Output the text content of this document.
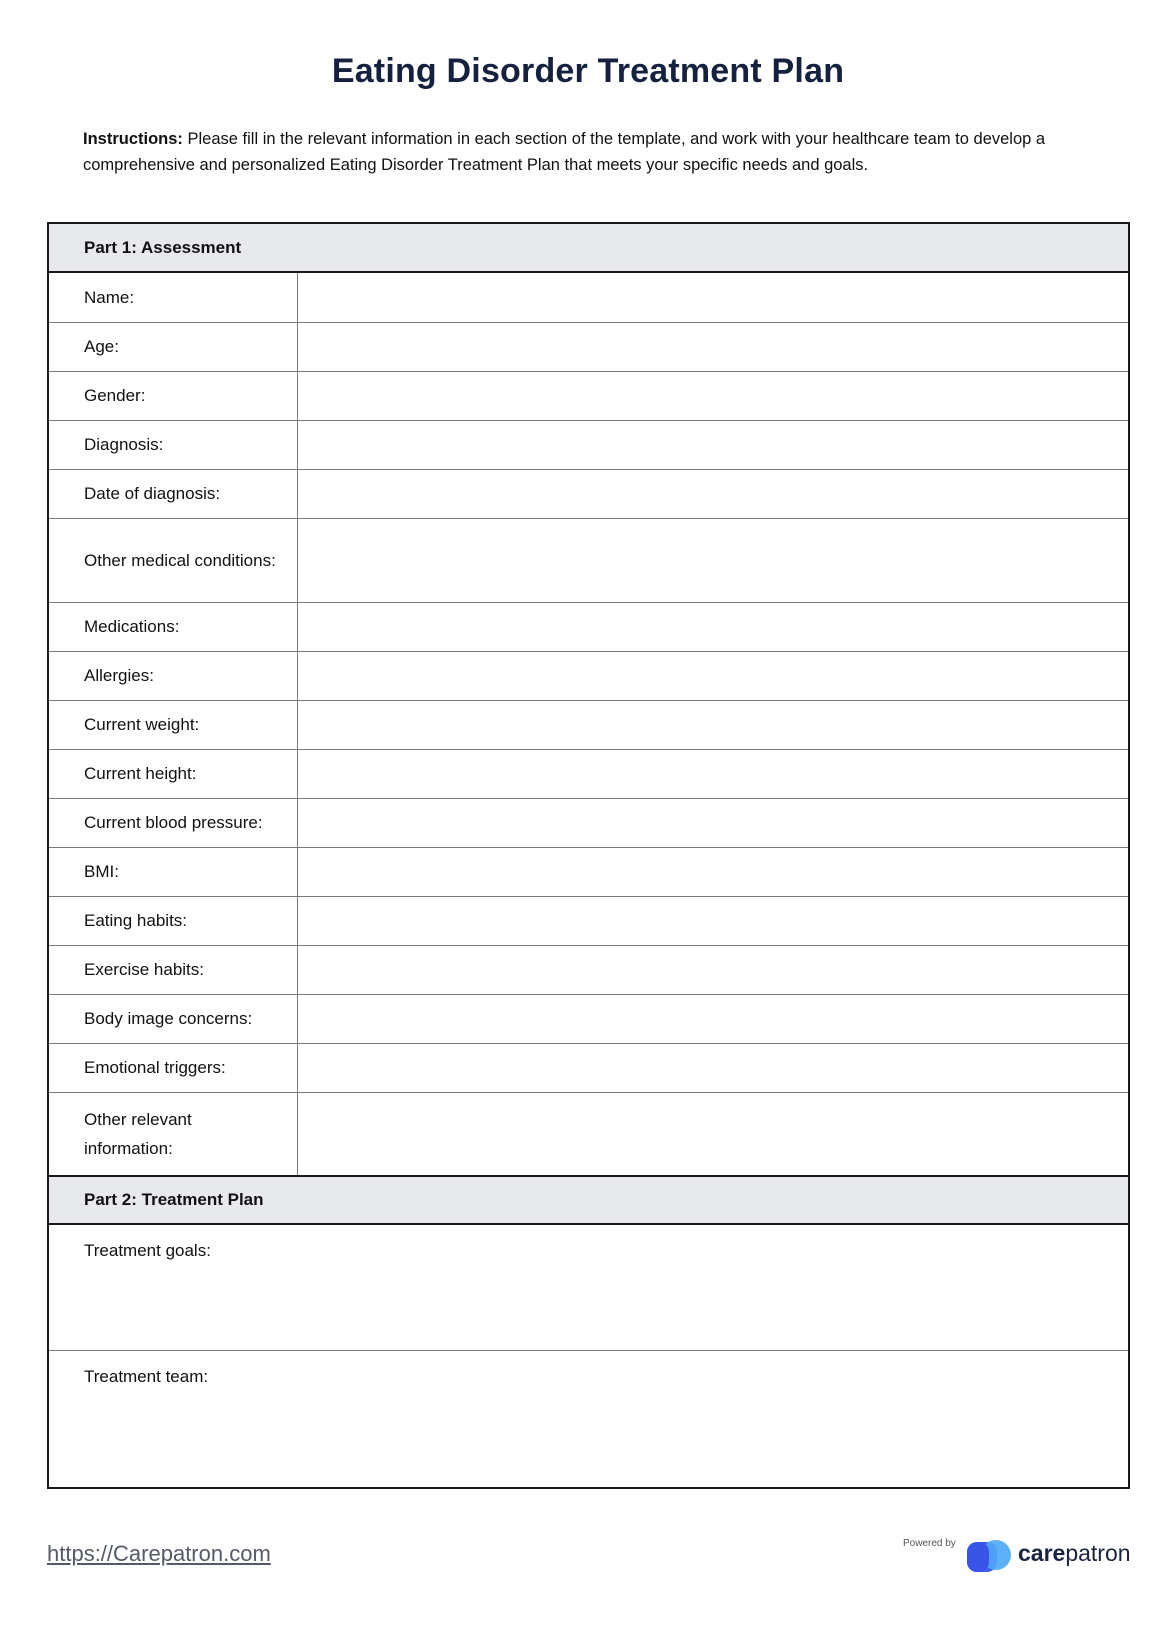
Eating Disorder Treatment Plan
Instructions: Please fill in the relevant information in each section of the template, and work with your healthcare team to develop a comprehensive and personalized Eating Disorder Treatment Plan that meets your specific needs and goals.
Part 1: Assessment
Name:
Age:
Gender:
Diagnosis:
Date of diagnosis:
Other medical conditions:
Medications:
Allergies:
Current weight:
Current height:
Current blood pressure:
BMI:
Eating habits:
Exercise habits:
Body image concerns:
Emotional triggers:
Other relevant information:
Part 2: Treatment Plan
Treatment goals:
Treatment team:
https://Carepatron.com	Powered by	carepatron
